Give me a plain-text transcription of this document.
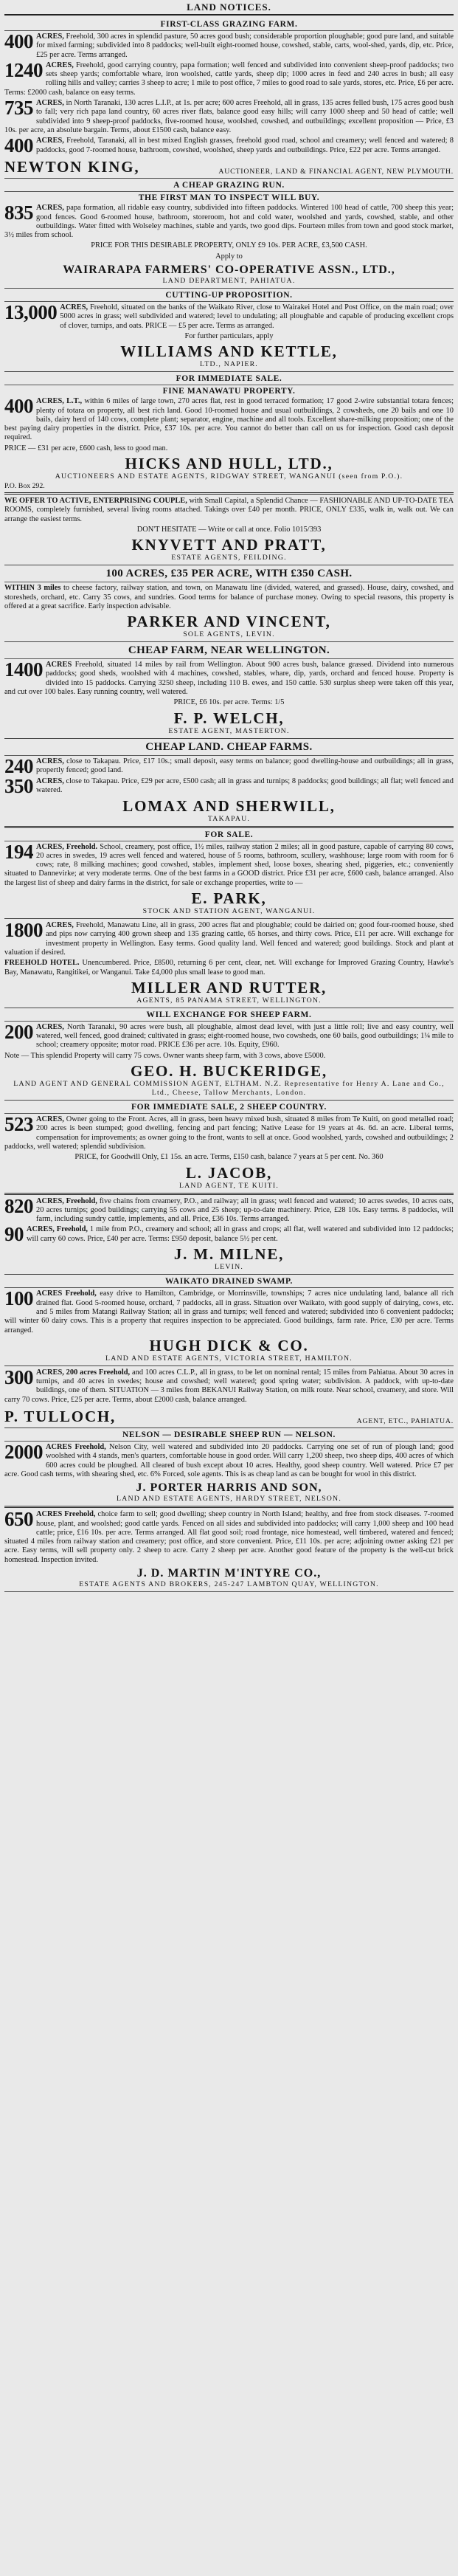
LAND NOTICES.
FIRST-CLASS GRAZING FARM.
400 ACRES, Freehold, 300 acres in splendid pasture, 50 acres good bush; considerable proportion ploughable; good pure land, and suitable for mixed farming; subdivided into 8 paddocks; well-built eight-roomed house, cowshed, stable, carts, wool-shed, yards, dip, etc. Price, £25 per acre. Terms arranged.
1240 ACRES, Freehold, good carrying country, papa formation; well fenced and subdivided into convenient sheep-proof paddocks; two sets sheep yards; comfortable whare, iron woolshed, cattle yards, sheep dip; 1000 acres in feed and 240 acres in bush; all easy rolling hills and valley; carries 3 sheep to acre; 1 mile to post office, 7 miles to good road to sale yards, stores, etc. Price, £6 per acre. Terms: £2000 cash, balance on easy terms.
735 ACRES, in North Taranaki, 130 acres L.I.P., at 1s. per acre; 600 acres Freehold, all in grass, 135 acres felled bush, 175 acres good bush to fall; very rich papa land country, 60 acres river flats, balance good easy hills; will carry 1000 sheep and 50 head of cattle; well subdivided into 9 sheep-proof paddocks, five-roomed house, woolshed, cowshed, and outbuildings; excellent proposition — Price, £3 10s. per acre, an absolute bargain. Terms, about £1500 cash, balance easy.
400 ACRES, Freehold, Taranaki, all in best mixed English grasses, freehold good road, school and creamery; well fenced and watered; 8 paddocks, good 7-roomed house, bathroom, cowshed, woolshed, sheep yards and outbuildings. Price, £22 per acre. Terms arranged.
NEWTON KING,	AUCTIONEER, LAND & FINANCIAL AGENT, NEW PLYMOUTH.
A CHEAP GRAZING RUN.
THE FIRST MAN TO INSPECT WILL BUY.
835 ACRES, papa formation, all ridable easy country, subdivided into fifteen paddocks. Wintered 100 head of cattle, 700 sheep this year; good fences. Good 6-roomed house, bathroom, storeroom, hot and cold water, woolshed and yards, cowshed, stable, and other outbuildings. Water fitted with Wolseley machines, stable and yards, two good dips. Fourteen miles from town and good stock market, 3½ miles from school.
PRICE FOR THIS DESIRABLE PROPERTY, ONLY £9 10s. PER ACRE, £3,500 CASH.
Apply to
WAIRARAPA FARMERS' CO-OPERATIVE ASSN., LTD.,
LAND DEPARTMENT, PAHIATUA.
CUTTING-UP PROPOSITION.
13,000 ACRES, Freehold, situated on the banks of the Waikato River, close to Wairakei Hotel and Post Office, on the main road; over 5000 acres in grass; well subdivided and watered; level to undulating; all ploughable and capable of producing excellent crops of clover, turnips, and oats. PRICE — £5 per acre. Terms as arranged.
For further particulars, apply
WILLIAMS AND KETTLE,
LTD., NAPIER.
FOR IMMEDIATE SALE.
FINE MANAWATU PROPERTY.
400 ACRES, L.T., within 6 miles of large town, 270 acres flat, rest in good terraced formation; 17 good 2-wire substantial totara fences; plenty of totara on property, all best rich land. Good 10-roomed house and usual outbuildings, 2 cowsheds, one 20 bails and one 10 bails, dairy herd of 140 cows, complete plant; separator, engine, machine and all tools. Excellent share-milking proposition; one of the best paying dairy properties in the district. Price, £37 10s. per acre. You cannot do better than call on us for inspection. Good cash deposit required.
PRICE — £31 per acre, £600 cash, less to good man.
HICKS AND HULL, LTD.,
AUCTIONEERS AND ESTATE AGENTS, RIDGWAY STREET, WANGANUI (seen from P.O.).
P.O. Box 292.
WE OFFER TO ACTIVE, ENTERPRISING COUPLE, with Small Capital, a Splendid Chance — FASHIONABLE AND UP-TO-DATE TEA ROOMS, completely furnished, several living rooms attached. Takings over £40 per month. PRICE, ONLY £335, walk in, walk out. We can arrange the easiest terms.
DON'T HESITATE — Write or call at once. Folio 1015/393
KNYVETT AND PRATT,
ESTATE AGENTS, FEILDING.
100 ACRES, £35 PER ACRE, WITH £350 CASH.
WITHIN 3 miles to cheese factory, railway station, and town, on Manawatu line (divided, watered, and grassed). House, dairy, cowshed, and storesheds, orchard, etc. Carry 35 cows, and sundries. Good terms for balance of purchase money. Owing to special reasons, this property is offered at a great sacrifice. Early inspection advisable.
PARKER AND VINCENT,
SOLE AGENTS, LEVIN.
CHEAP FARM, NEAR WELLINGTON.
1400 ACRES Freehold, situated 14 miles by rail from Wellington. About 900 acres bush, balance grassed. Dividend into numerous paddocks; good sheds, woolshed with 4 machines, cowshed, stables, whare, dip, yards, orchard and fenced house. Property is divided into 15 paddocks. Carrying 3250 sheep, including 110 B. ewes, and 150 cattle. 530 surplus sheep were taken off this year, and cut over 100 bales. Easy running country, well watered.
PRICE, £6 10s. per acre. Terms: 1/5
F. P. WELCH,
ESTATE AGENT, MASTERTON.
CHEAP LAND. CHEAP FARMS.
240 ACRES, close to Takapau. Price, £17 10s.; small deposit, easy terms on balance; good dwelling-house and outbuildings; all in grass, propertly fenced; good land.
350 ACRES, close to Takapau. Price, £29 per acre, £500 cash; all in grass and turnips; 8 paddocks; good buildings; all flat; well fenced and watered.
LOMAX AND SHERWILL,
TAKAPAU.
FOR SALE.
194 ACRES, Freehold. School, creamery, post office, 1½ miles, railway station 2 miles; all in good pasture, capable of carrying 80 cows, 20 acres in swedes, 19 acres well fenced and watered, house of 5 rooms, bathroom, scullery, washhouse; large room with room for 6 cows; rate, 8 milking machines; good cowshed, stables, implement shed, loose boxes, shearing shed, piggeries, etc.; conveniently situated to Dannevirke; at very moderate terms. One of the best farms in a GOOD district. Price £31 per acre, £600 cash, balance arranged. Also the largest list of sheep and dairy farms in the district, for sale or exchange properties, write to —
E. PARK,
STOCK AND STATION AGENT, WANGANUI.
1800 ACRES, Freehold, Manawatu Line, all in grass, 200 acres flat and ploughable; could be dairied on; good four-roomed house, shed and pips now carrying 400 grown sheep and 135 grazing cattle, 65 horses, and thirty cows. Price, £11 per acre. Will exchange for investment property in Wellington. Easy terms. Good quality land. Well fenced and watered; good buildings. Stock and plant at valuation if desired.
FREEHOLD HOTEL. Unencumbered. Price, £8500, returning 6 per cent, clear, net. Will exchange for Improved Grazing Country, Hawke's Bay, Manawatu, Rangitikei, or Wanganui. Take £4,000 plus small lease to good man.
MILLER AND RUTTER,
AGENTS, 85 PANAMA STREET, WELLINGTON.
WILL EXCHANGE FOR SHEEP FARM.
200 ACRES, North Taranaki, 90 acres were bush, all ploughable, almost dead level, with just a little roll; live and easy country, well watered, well fenced, good drained; cultivated in grass; eight-roomed house, two cowsheds, one 60 bails, good outbuildings; 1¼ mile to school; creamery opposite; motor road. PRICE £36 per acre. 10s. Equity, £960.
Note — This splendid Property will carry 75 cows. Owner wants sheep farm, with 3 cows, above £5000.
GEO. H. BUCKERIDGE,
LAND AGENT AND GENERAL COMMISSION AGENT, ELTHAM. N.Z. Representative for Henry A. Lane and Co., Ltd., Cheese, Tallow Merchants, London.
FOR IMMEDIATE SALE, 2 SHEEP COUNTRY.
523 ACRES, Owner going to the Front. Acres, all in grass, been heavy mixed bush, situated 8 miles from Te Kuiti, on good metalled road; 200 acres is been stumped; good dwelling, fencing and part fencing; Native Lease for 19 years at 4s. 6d. an acre. Liberal terms, compensation for improvements; as owner going to the front, wants to sell at once. Good woolshed, yards, cowshed and outbuildings; 2 paddocks, well watered; splendid subdivision.
PRICE, for Goodwill Only, £1 15s. an acre. Terms, £150 cash, balance 7 years at 5 per cent. No. 360
L. JACOB,
LAND AGENT, TE KUITI.
820 ACRES, Freehold, five chains from creamery, P.O., and railway; all in grass; well fenced and watered; 10 acres swedes, 10 acres oats, 20 acres turnips; good buildings; carrying 55 cows and 25 sheep; up-to-date machinery. Price, £28 10s. Easy terms. 8 paddocks, will farm, including sundry cattle, implements, and all. Price, £36 10s. Terms arranged.
90 ACRES, Freehold, 1 mile from P.O., creamery and school; all in grass and crops; all flat, well watered and subdivided into 12 paddocks; will carry 60 cows. Price, £40 per acre. Terms: £950 deposit, balance 5½ per cent.
J. M. MILNE,
LEVIN.
WAIKATO DRAINED SWAMP.
100 ACRES Freehold, easy drive to Hamilton, Cambridge, or Morrinsville, townships; 7 acres nice undulating land, balance all rich drained flat. Good 5-roomed house, orchard, 7 paddocks, all in grass. Situation over Waikato, with good supply of dairying, cows, etc. and 5 miles from Matangi Railway Station; all in grass and turnips; well fenced and watered; subdivided into 6 convenient paddocks; will winter 60 dairy cows. This is a property that requires inspection to be appreciated. Good buildings, farm rate. Price, £30 per acre. Terms arranged.
HUGH DICK & CO.
LAND AND ESTATE AGENTS, VICTORIA STREET, HAMILTON.
300 ACRES, 200 acres Freehold, and 100 acres C.L.P., all in grass, to be let on nominal rental; 15 miles from Pahiatua. About 30 acres in turnips, and 40 acres in swedes; house and cowshed; well watered; good spring water; subdivision. A paddock, with up-to-date buildings, one of them. SITUATION — 3 miles from BEKANUI Railway Station, on milk route. Near school, creamery, and store. Will carry 70 cows. Price, £25 per acre. Terms, about £2000 cash, balance arranged.
P. TULLOCH,	AGENT, ETC., PAHIATUA.
NELSON — DESIRABLE SHEEP RUN — NELSON.
2000 ACRES Freehold, Nelson City, well watered and subdivided into 20 paddocks. Carrying one set of run of plough land; good woolshed with 4 stands, men's quarters, comfortable house in good order. Will carry 1,200 sheep, two sheep dips, 400 acres of which 600 acres could be ploughed. All cleared of bush except about 10 acres. Healthy, good sheep country. Well watered. Price £7 per acre. Good cash terms, with shearing shed, etc. 6% Forced, sole agents. This is as cheap land as can be bought for wool in this district.
J. PORTER HARRIS AND SON,
LAND AND ESTATE AGENTS, HARDY STREET, NELSON.
650 ACRES Freehold, choice farm to sell; good dwelling; sheep country in North Island; healthy, and free from stock diseases. 7-roomed house, plant, and woolshed; good cattle yards. Fenced on all sides and subdivided into paddocks; will carry 1,000 sheep and 100 head cattle; price, £16 10s. per acre. Terms arranged. All flat good soil; road frontage, nice homestead, well timbered, watered and fenced; situated 4 miles from railway station and creamery; post office, and store convenient. Price, £11 10s. per acre; adjoining owner asking £21 per acre. Easy terms, will sell property only. 2 sheep to acre. Carry 2 sheep per acre. Another good feature of the property is the well-cut brick homestead. Inspection invited.
J. D. MARTIN M'INTYRE CO.,
ESTATE AGENTS AND BROKERS, 245-247 LAMBTON QUAY, WELLINGTON.
